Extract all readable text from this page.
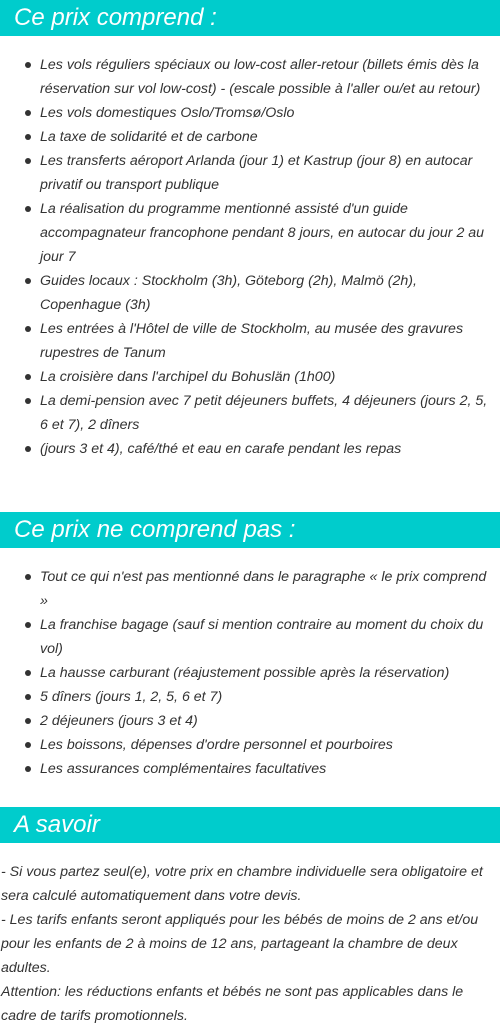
Ce prix comprend :
Les vols réguliers spéciaux ou low-cost aller-retour (billets émis dès la réservation sur vol low-cost) - (escale possible à l'aller ou/et au retour)
Les vols domestiques Oslo/Tromsø/Oslo
La taxe de solidarité et de carbone
Les transferts aéroport Arlanda (jour 1) et Kastrup (jour 8) en autocar privatif ou transport publique
La réalisation du programme mentionné assisté d'un guide accompagnateur francophone pendant 8 jours, en autocar du jour 2 au jour 7
Guides locaux : Stockholm (3h), Göteborg (2h), Malmö (2h), Copenhague (3h)
Les entrées à l'Hôtel de ville de Stockholm, au musée des gravures rupestres de Tanum
La croisière dans l'archipel du Bohuslän (1h00)
La demi-pension avec 7 petit déjeuners buffets, 4 déjeuners (jours 2, 5, 6 et 7), 2 dîners
(jours 3 et 4), café/thé et eau en carafe pendant les repas
Ce prix ne comprend pas :
Tout ce qui n'est pas mentionné dans le paragraphe « le prix comprend »
La franchise bagage (sauf si mention contraire au moment du choix du vol)
La hausse carburant (réajustement possible après la réservation)
5 dîners (jours 1, 2, 5, 6 et 7)
2 déjeuners (jours 3 et 4)
Les boissons, dépenses d'ordre personnel et pourboires
Les assurances complémentaires facultatives
A savoir

- Si vous partez seul(e), votre prix en chambre individuelle sera obligatoire et sera calculé automatiquement dans votre devis.

- Les tarifs enfants seront appliqués pour les bébés de moins de 2 ans et/ou pour les enfants de 2 à moins de 12 ans, partageant la chambre de deux adultes.

Attention: les réductions enfants et bébés ne sont pas applicables dans le cadre de tarifs promotionnels.
